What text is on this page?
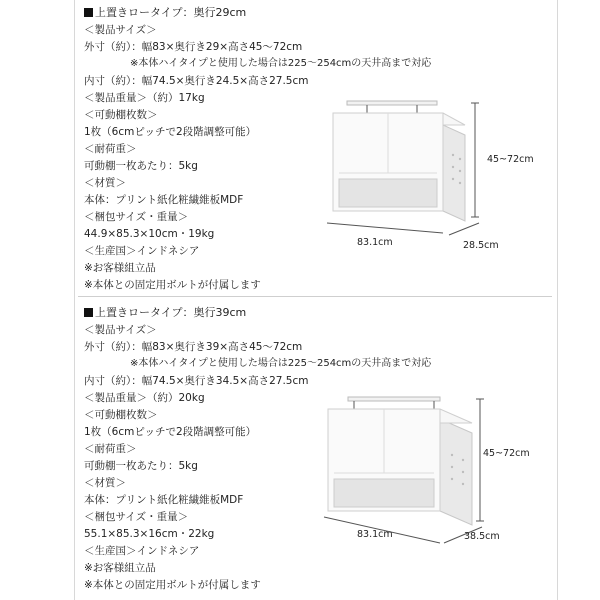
上置きロータイプ：奥行29cm
＜製品サイズ＞
外寸（約）：幅83×奥行き29×高さ45～72cm
※本体ハイタイプと使用した場合は225～254cmの天井高まで対応
内寸（約）：幅74.5×奥行き24.5×高さ27.5cm
＜製品重量＞（約）17kg
＜可動棚枚数＞
1枚（6cmピッチで2段階調整可能）
＜耐荷重＞
可動棚一枚あたり：5kg
＜材質＞
本体：プリント紙化粧繊維板MDF
＜梱包サイズ・重量＞
44.9×85.3×10cm・19kg
＜生産国＞インドネシア
※お客様組立品
※本体との固定用ボルトが付属します
上置きロータイプ：奥行39cm
＜製品サイズ＞
外寸（約）：幅83×奥行き39×高さ45～72cm
※本体ハイタイプと使用した場合は225～254cmの天井高まで対応
内寸（約）：幅74.5×奥行き34.5×高さ27.5cm
＜製品重量＞（約）20kg
＜可動棚枚数＞
1枚（6cmピッチで2段階調整可能）
＜耐荷重＞
可動棚一枚あたり：5kg
＜材質＞
本体：プリント紙化粧繊維板MDF
＜梱包サイズ・重量＞
55.1×85.3×16cm・22kg
＜生産国＞インドネシア
※お客様組立品
※本体との固定用ボルトが付属します
45~72cm
83.1cm	28.5cm
45~72cm
83.1cm	38.5cm
